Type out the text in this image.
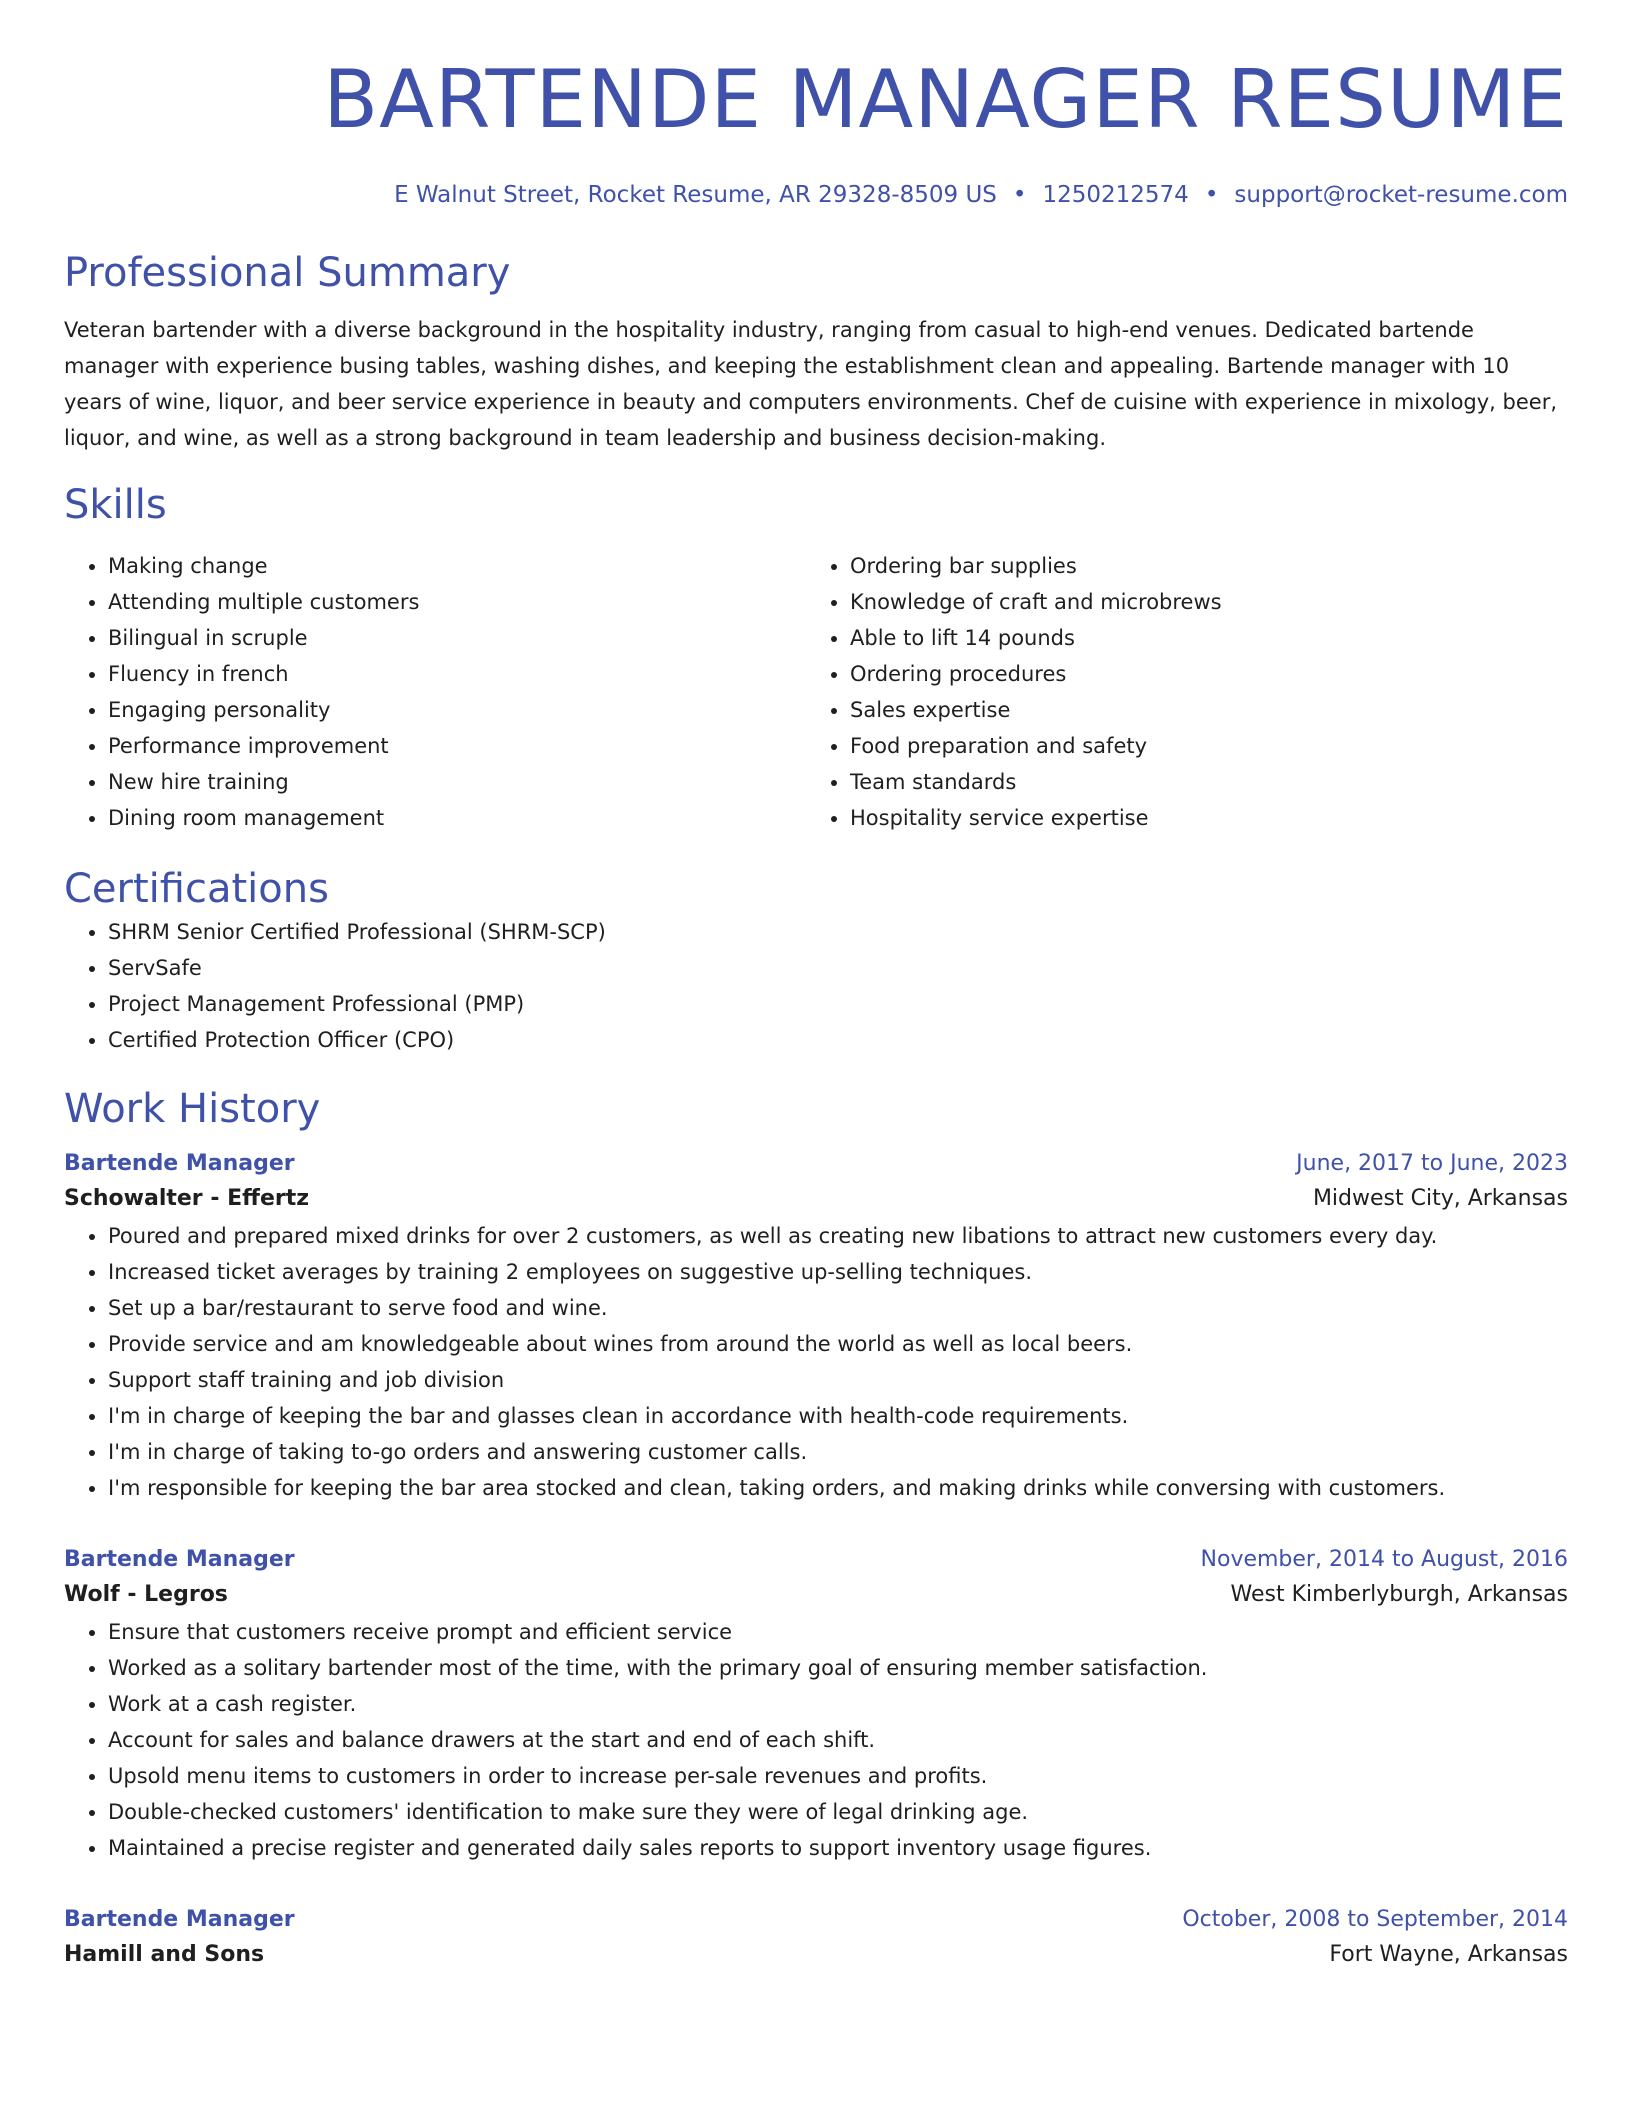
BARTENDE MANAGER RESUME
E Walnut Street, Rocket Resume, AR 29328-8509 US • 1250212574 • support@rocket-resume.com
Professional Summary
Veteran bartender with a diverse background in the hospitality industry, ranging from casual to high-end venues. Dedicated bartende manager with experience busing tables, washing dishes, and keeping the establishment clean and appealing. Bartende manager with 10 years of wine, liquor, and beer service experience in beauty and computers environments. Chef de cuisine with experience in mixology, beer, liquor, and wine, as well as a strong background in team leadership and business decision-making.
Skills
• Making change
• Attending multiple customers
• Bilingual in scruple
• Fluency in french
• Engaging personality
• Performance improvement
• New hire training
• Dining room management
• Ordering bar supplies
• Knowledge of craft and microbrews
• Able to lift 14 pounds
• Ordering procedures
• Sales expertise
• Food preparation and safety
• Team standards
• Hospitality service expertise
Certifications
• SHRM Senior Certified Professional (SHRM-SCP)
• ServSafe
• Project Management Professional (PMP)
• Certified Protection Officer (CPO)
Work History
Bartende Manager	June, 2017 to June, 2023
Schowalter - Effertz	Midwest City, Arkansas
• Poured and prepared mixed drinks for over 2 customers, as well as creating new libations to attract new customers every day.
• Increased ticket averages by training 2 employees on suggestive up-selling techniques.
• Set up a bar/restaurant to serve food and wine.
• Provide service and am knowledgeable about wines from around the world as well as local beers.
• Support staff training and job division
• I'm in charge of keeping the bar and glasses clean in accordance with health-code requirements.
• I'm in charge of taking to-go orders and answering customer calls.
• I'm responsible for keeping the bar area stocked and clean, taking orders, and making drinks while conversing with customers.
Bartende Manager	November, 2014 to August, 2016
Wolf - Legros	West Kimberlyburgh, Arkansas
• Ensure that customers receive prompt and efficient service
• Worked as a solitary bartender most of the time, with the primary goal of ensuring member satisfaction.
• Work at a cash register.
• Account for sales and balance drawers at the start and end of each shift.
• Upsold menu items to customers in order to increase per-sale revenues and profits.
• Double-checked customers' identification to make sure they were of legal drinking age.
• Maintained a precise register and generated daily sales reports to support inventory usage figures.
Bartende Manager	October, 2008 to September, 2014
Hamill and Sons	Fort Wayne, Arkansas
